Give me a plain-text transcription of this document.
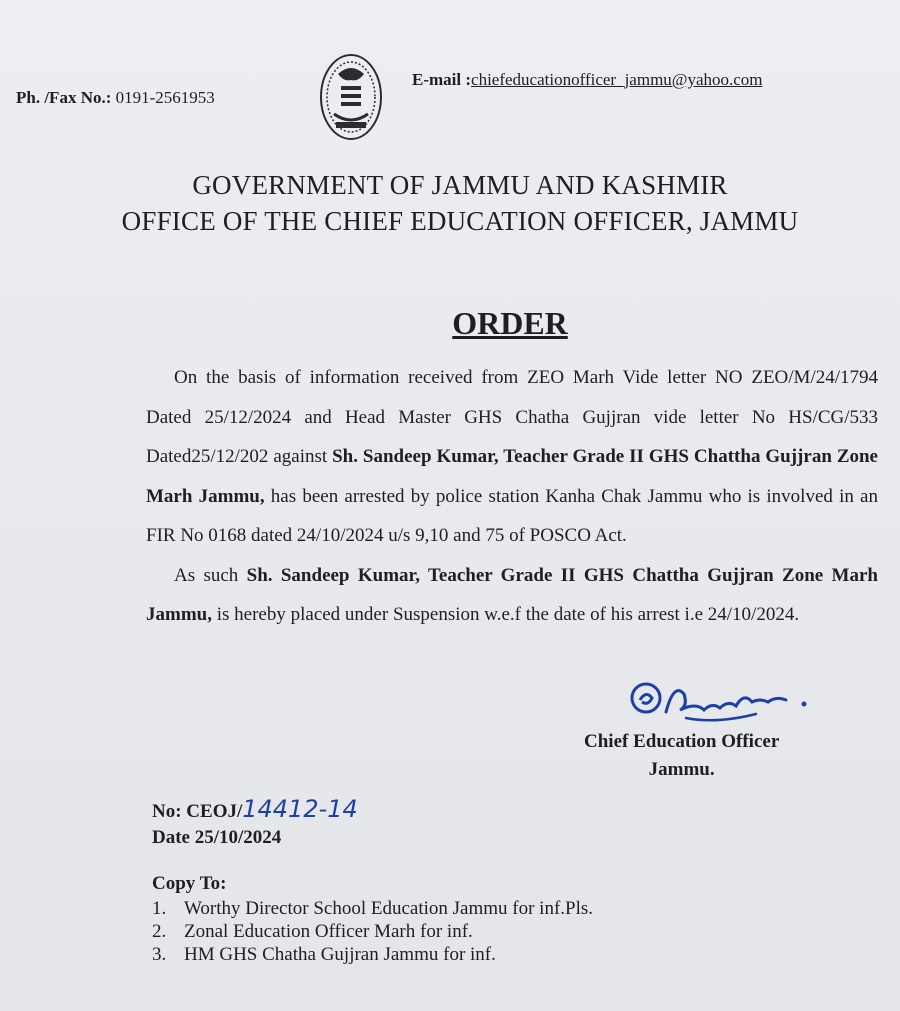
Ph. /Fax No.: 0191-2561953
E-mail :chiefeducationofficer_jammu@yahoo.com
GOVERNMENT OF JAMMU AND KASHMIR
OFFICE OF THE CHIEF EDUCATION OFFICER, JAMMU
ORDER

On the basis of information received from ZEO Marh Vide letter NO ZEO/M/24/1794 Dated 25/12/2024 and Head Master GHS Chatha Gujjran vide letter No HS/CG/533 Dated25/12/202 against Sh. Sandeep Kumar, Teacher Grade II GHS Chattha Gujjran Zone Marh Jammu, has been arrested by police station Kanha Chak Jammu who is involved in an FIR No 0168 dated 24/10/2024 u/s 9,10 and 75 of POSCO Act.

As such Sh. Sandeep Kumar, Teacher Grade II GHS Chattha Gujjran Zone Marh Jammu, is hereby placed under Suspension w.e.f the date of his arrest i.e 24/10/2024.

Chief Education Officer
Jammu.
No: CEOJ/14412-14
Date 25/10/2024
Copy To:
1. Worthy Director School Education Jammu for inf.Pls.
2. Zonal Education Officer Marh for inf.
3. HM GHS Chatha Gujjran Jammu for inf.
